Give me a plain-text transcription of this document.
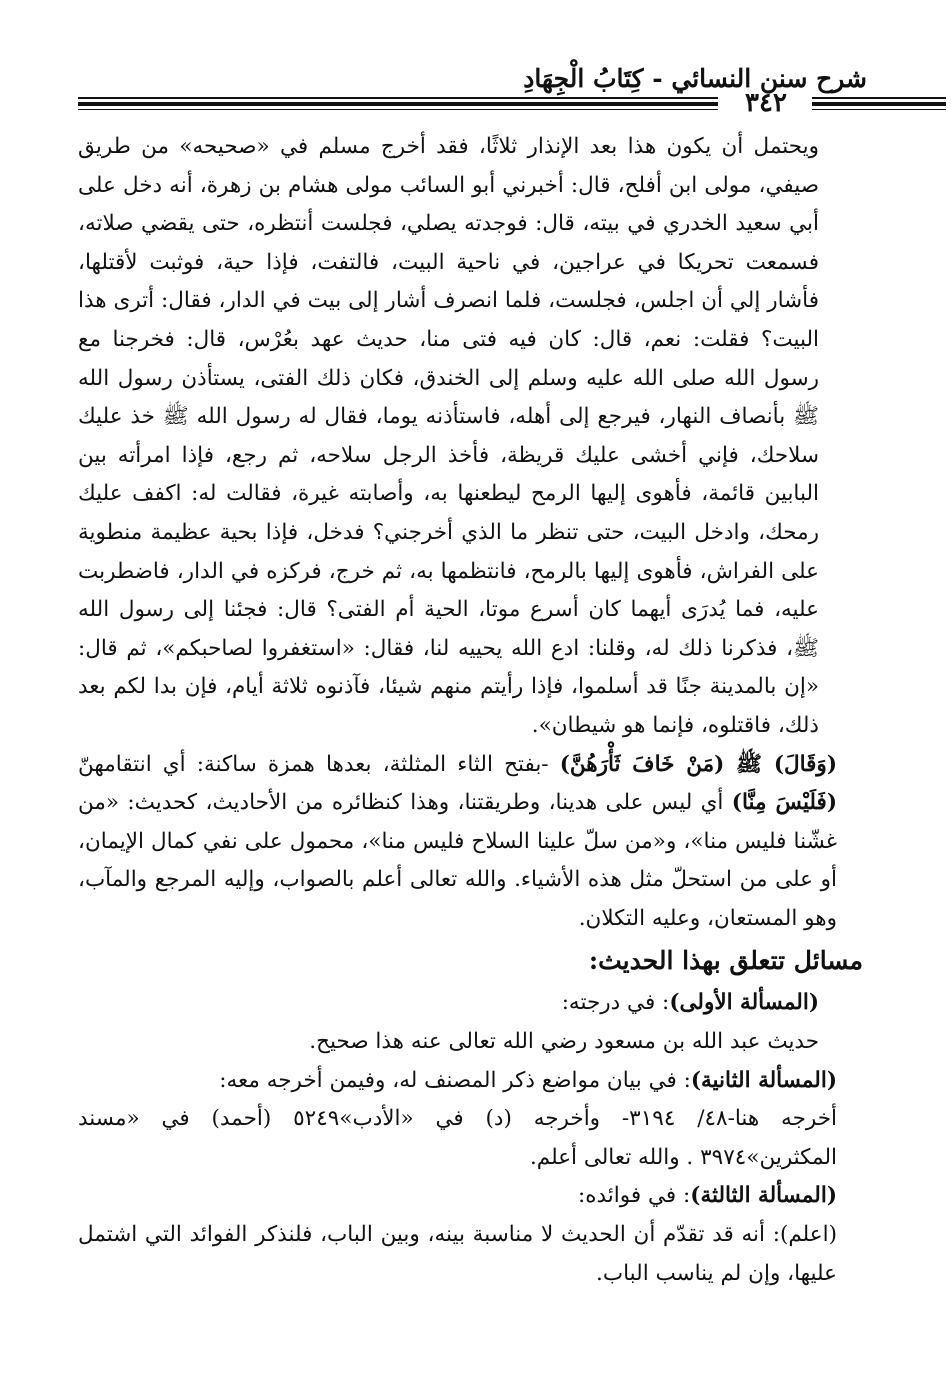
شرح سنن النسائي - كِتَابُ الْجِهَادِ
٣٤٢

ويحتمل أن يكون هذا بعد الإنذار ثلاثًا، فقد أخرج مسلم في «صحيحه» من طريق صيفي، مولى ابن أفلح، قال: أخبرني أبو السائب مولى هشام بن زهرة، أنه دخل على أبي سعيد الخدري في بيته، قال: فوجدته يصلي، فجلست أنتظره، حتى يقضي صلاته، فسمعت تحريكا في عراجين، في ناحية البيت، فالتفت، فإذا حية، فوثبت لأقتلها، فأشار إلي أن اجلس، فجلست، فلما انصرف أشار إلى بيت في الدار، فقال: أترى هذا البيت؟ فقلت: نعم، قال: كان فيه فتى منا، حديث عهد بعُرْس، قال: فخرجنا مع رسول الله صلى الله عليه وسلم إلى الخندق، فكان ذلك الفتى، يستأذن رسول الله ﷺ بأنصاف النهار، فيرجع إلى أهله، فاستأذنه يوما، فقال له رسول الله ﷺ خذ عليك سلاحك، فإني أخشى عليك قريظة، فأخذ الرجل سلاحه، ثم رجع، فإذا امرأته بين البابين قائمة، فأهوى إليها الرمح ليطعنها به، وأصابته غيرة، فقالت له: اكفف عليك رمحك، وادخل البيت، حتى تنظر ما الذي أخرجني؟ فدخل، فإذا بحية عظيمة منطوية على الفراش، فأهوى إليها بالرمح، فانتظمها به، ثم خرج، فركزه في الدار، فاضطربت عليه، فما يُدرَى أيهما كان أسرع موتا، الحية أم الفتى؟ قال: فجئنا إلى رسول الله ﷺ، فذكرنا ذلك له، وقلنا: ادع الله يحييه لنا، فقال: «استغفروا لصاحبكم»، ثم قال: «إن بالمدينة جنًا قد أسلموا، فإذا رأيتم منهم شيئا، فآذنوه ثلاثة أيام، فإن بدا لكم بعد ذلك، فاقتلوه، فإنما هو شيطان».

(وَقَالَ) ﷺ (مَنْ خَافَ ثَأْرَهُنَّ) -بفتح الثاء المثلثة، بعدها همزة ساكنة: أي انتقامهنّ (فَلَيْسَ مِنَّا) أي ليس على هدينا، وطريقتنا، وهذا كنظائره من الأحاديث، كحديث: «من غشّنا فليس منا»، و«من سلّ علينا السلاح فليس منا»، محمول على نفي كمال الإيمان، أو على من استحلّ مثل هذه الأشياء. والله تعالى أعلم بالصواب، وإليه المرجع والمآب، وهو المستعان، وعليه التكلان.

مسائل تتعلق بهذا الحديث:

(المسألة الأولى): في درجته:

حديث عبد الله بن مسعود رضي الله تعالى عنه هذا صحيح.

(المسألة الثانية): في بيان مواضع ذكر المصنف له، وفيمن أخرجه معه:

أخرجه هنا-٤٨/ ٣١٩٤- وأخرجه (د) في «الأدب»٥٢٤٩ (أحمد) في «مسند المكثرين»٣٩٧٤ . والله تعالى أعلم.

(المسألة الثالثة): في فوائده:

(اعلم): أنه قد تقدّم أن الحديث لا مناسبة بينه، وبين الباب، فلنذكر الفوائد التي اشتمل عليها، وإن لم يناسب الباب.
